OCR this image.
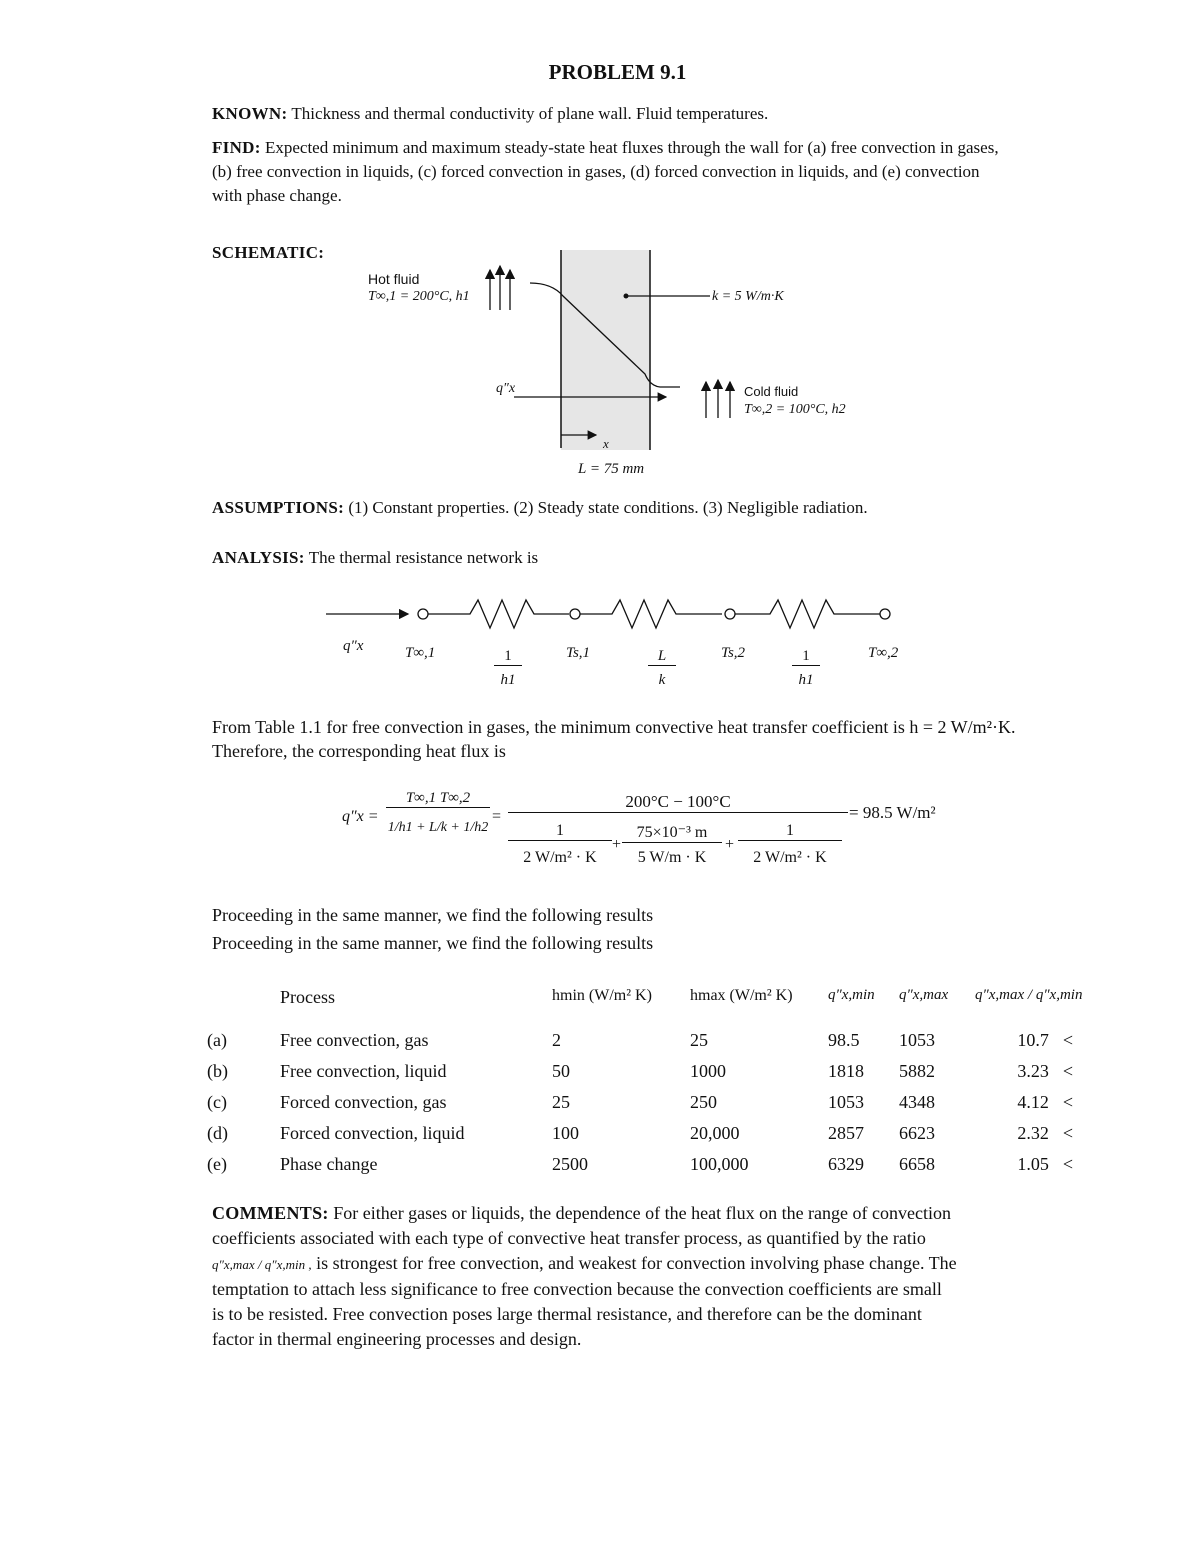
PROBLEM 9.1
KNOWN: Thickness and thermal conductivity of plane wall. Fluid temperatures.
FIND: Expected minimum and maximum steady-state heat fluxes through the wall for (a) free convection in gases, (b) free convection in liquids, (c) forced convection in gases, (d) forced convection in liquids, and (e) convection with phase change.
SCHEMATIC:
Hot fluid
T∞,1 = 200°C, h1	k = 5 W/m·K
q″x	Cold fluid
T∞,2 = 100°C, h2
x
L = 75 mm
ASSUMPTIONS: (1) Constant properties. (2) Steady state conditions. (3) Negligible radiation.
ANALYSIS: The thermal resistance network is
q″x	T∞,1	Ts,1	Ts,2	T∞,2
1
h1
L
k
1
h1
From Table 1.1 for free convection in gases, the minimum convective heat transfer coefficient is h = 2 W/m²·K. Therefore, the corresponding heat flux is
q″x =
T∞,1 T∞,2
1/h1 + L/k + 1/h2
=
200°C − 100°C
1
2 W/m² · K
+
75×10⁻³ m
5 W/m · K
+
1
2 W/m² · K
= 98.5 W/m²
Proceeding in the same manner, we find the following results
Proceeding in the same manner, we find the following results
	Process	hmin (W/m² K)	hmax (W/m² K)	q″x,min	q″x,max	q″x,max / q″x,min	
(a)	Free convection, gas	2	25	98.5	1053	10.7	<
(b)	Free convection, liquid	50	1000	1818	5882	3.23	<
(c)	Forced convection, gas	25	250	1053	4348	4.12	<
(d)	Forced convection, liquid	100	20,000	2857	6623	2.32	<
(e)	Phase change	2500	100,000	6329	6658	1.05	<
COMMENTS: For either gases or liquids, the dependence of the heat flux on the range of convection
coefficients associated with each type of convective heat transfer process, as quantified by the ratio
q″x,max / q″x,min , is strongest for free convection, and weakest for convection involving phase change. The
temptation to attach less significance to free convection because the convection coefficients are small
is to be resisted. Free convection poses large thermal resistance, and therefore can be the dominant
factor in thermal engineering processes and design.
